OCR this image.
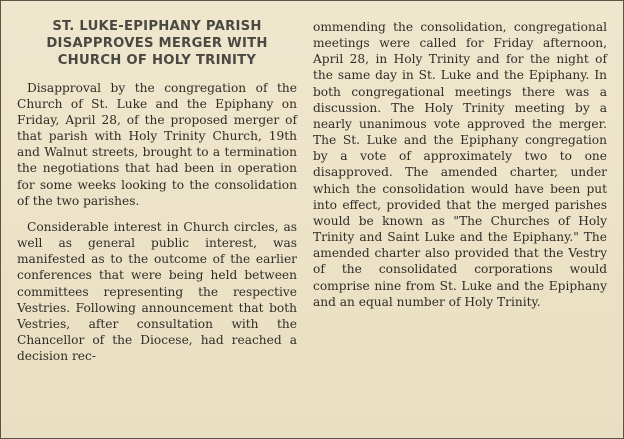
ST. LUKE-EPIPHANY PARISH
DISAPPROVES MERGER WITH
CHURCH OF HOLY TRINITY

Disapproval by the congregation of the Church of St. Luke and the Epiphany on Friday, April 28, of the proposed merger of that parish with Holy Trinity Church, 19th and Walnut streets, brought to a termination the negotiations that had been in operation for some weeks looking to the consolidation of the two parishes.

Considerable interest in Church circles, as well as general public interest, was manifested as to the outcome of the earlier conferences that were being held between committees representing the respective Vestries. Following announcement that both Vestries, after consultation with the Chancellor of the Diocese, had reached a decision rec-

ommending the consolidation, congregational meetings were called for Friday afternoon, April 28, in Holy Trinity and for the night of the same day in St. Luke and the Epiphany. In both congregational meetings there was a discussion. The Holy Trinity meeting by a nearly unanimous vote approved the merger. The St. Luke and the Epiphany congregation by a vote of approximately two to one disapproved. The amended charter, under which the consolidation would have been put into effect, provided that the merged parishes would be known as "The Churches of Holy Trinity and Saint Luke and the Epiphany." The amended charter also provided that the Vestry of the consolidated corporations would comprise nine from St. Luke and the Epiphany and an equal number of Holy Trinity.
